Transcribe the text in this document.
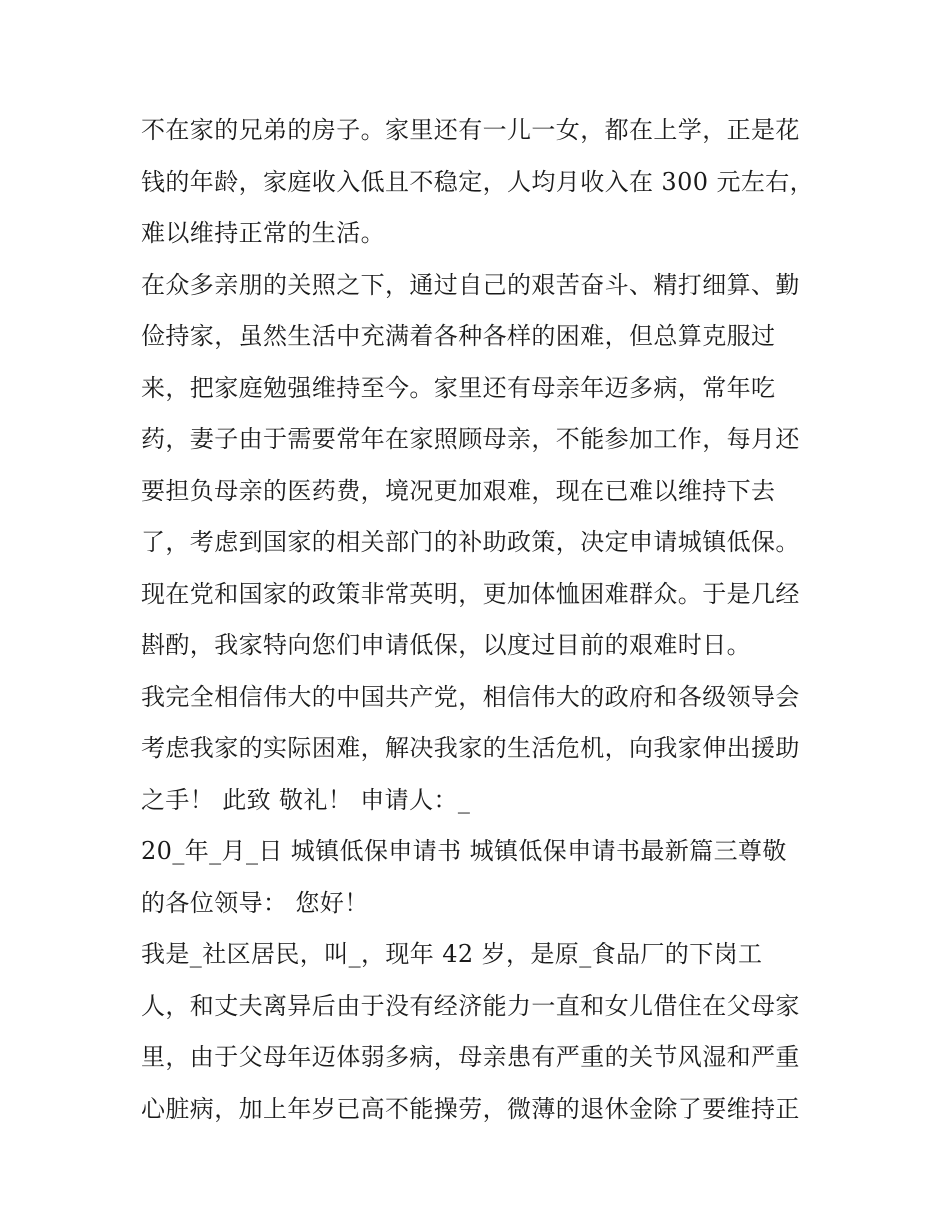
不在家的兄弟的房子。家里还有一儿一女，都在上学，正是花
钱的年龄，家庭收入低且不稳定，人均月收入在 300 元左右，
难以维持正常的生活。
在众多亲朋的关照之下，通过自己的艰苦奋斗、精打细算、勤
俭持家，虽然生活中充满着各种各样的困难，但总算克服过
来，把家庭勉强维持至今。家里还有母亲年迈多病，常年吃
药，妻子由于需要常年在家照顾母亲，不能参加工作，每月还
要担负母亲的医药费，境况更加艰难，现在已难以维持下去
了，考虑到国家的相关部门的补助政策，决定申请城镇低保。
现在党和国家的政策非常英明，更加体恤困难群众。于是几经
斟酌，我家特向您们申请低保，以度过目前的艰难时日。
我完全相信伟大的中国共产党，相信伟大的政府和各级领导会
考虑我家的实际困难，解决我家的生活危机，向我家伸出援助
之手！ 此致 敬礼！ 申请人：_
20_年_月_日 城镇低保申请书 城镇低保申请书最新篇三尊敬
的各位领导： 您好！
我是_社区居民，叫_，现年 42 岁，是原_食品厂的下岗工
人，和丈夫离异后由于没有经济能力一直和女儿借住在父母家
里，由于父母年迈体弱多病，母亲患有严重的关节风湿和严重
心脏病，加上年岁已高不能操劳，微薄的退休金除了要维持正
